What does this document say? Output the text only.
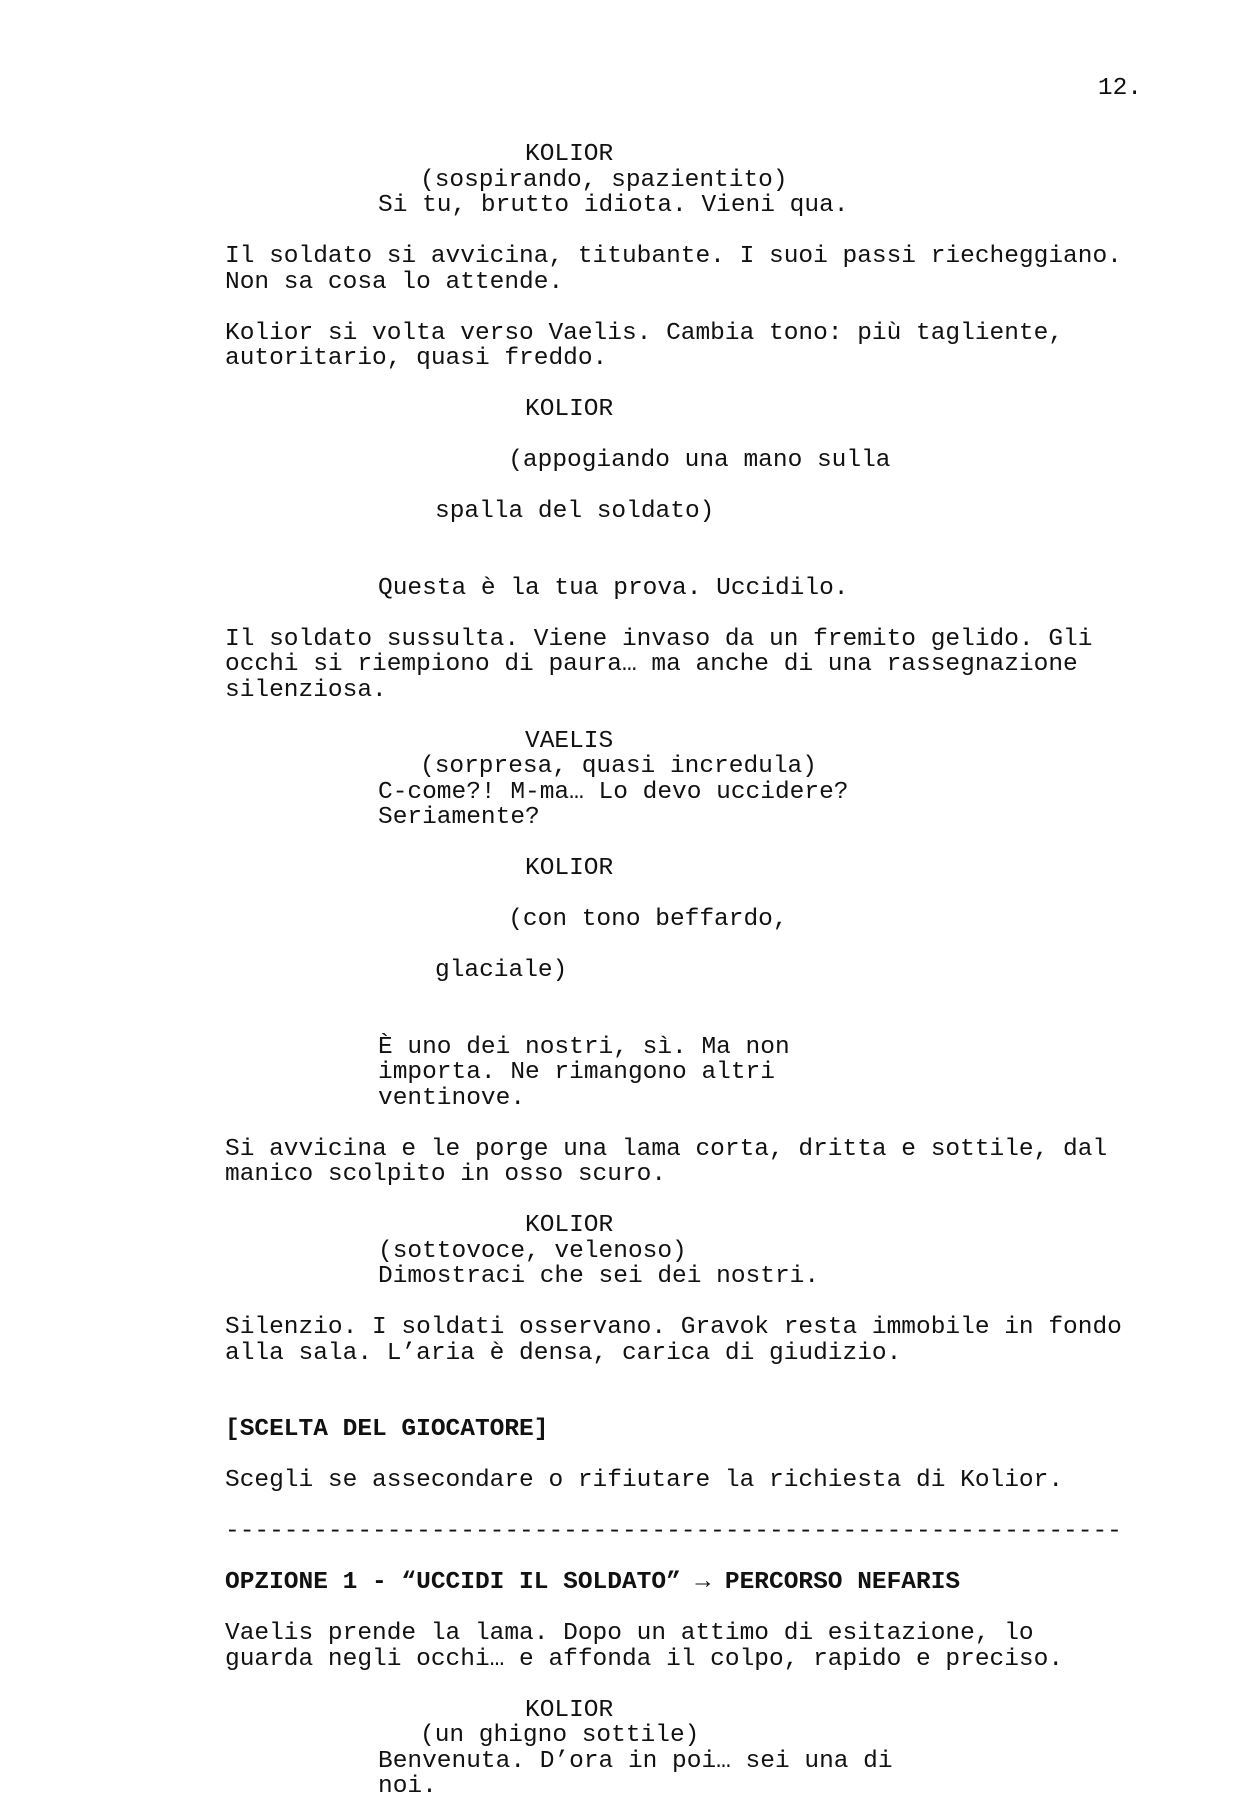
12.
KOLIOR
(sospirando, spazientito)
Si tu, brutto idiota. Vieni qua.
Il soldato si avvicina, titubante. I suoi passi riecheggiano.
Non sa cosa lo attende.
Kolior si volta verso Vaelis. Cambia tono: più tagliente,
autoritario, quasi freddo.
KOLIOR

(appogiando una mano sulla

spalla del soldato)

Questa è la tua prova. Uccidilo.
Il soldato sussulta. Viene invaso da un fremito gelido. Gli
occhi si riempiono di paura… ma anche di una rassegnazione
silenziosa.
VAELIS
(sorpresa, quasi incredula)
C-come?! M-ma… Lo devo uccidere?
Seriamente?
KOLIOR

(con tono beffardo,

glaciale)

È uno dei nostri, sì. Ma non
importa. Ne rimangono altri
ventinove.
Si avvicina e le porge una lama corta, dritta e sottile, dal
manico scolpito in osso scuro.
KOLIOR
(sottovoce, velenoso)
Dimostraci che sei dei nostri.
Silenzio. I soldati osservano. Gravok resta immobile in fondo
alla sala. L’aria è densa, carica di giudizio.
[SCELTA DEL GIOCATORE]
Scegli se assecondare o rifiutare la richiesta di Kolior.
-------------------------------------------------------------
OPZIONE 1 - “UCCIDI IL SOLDATO” → PERCORSO NEFARIS
Vaelis prende la lama. Dopo un attimo di esitazione, lo
guarda negli occhi… e affonda il colpo, rapido e preciso.
KOLIOR
(un ghigno sottile)
Benvenuta. D’ora in poi… sei una di
noi.
